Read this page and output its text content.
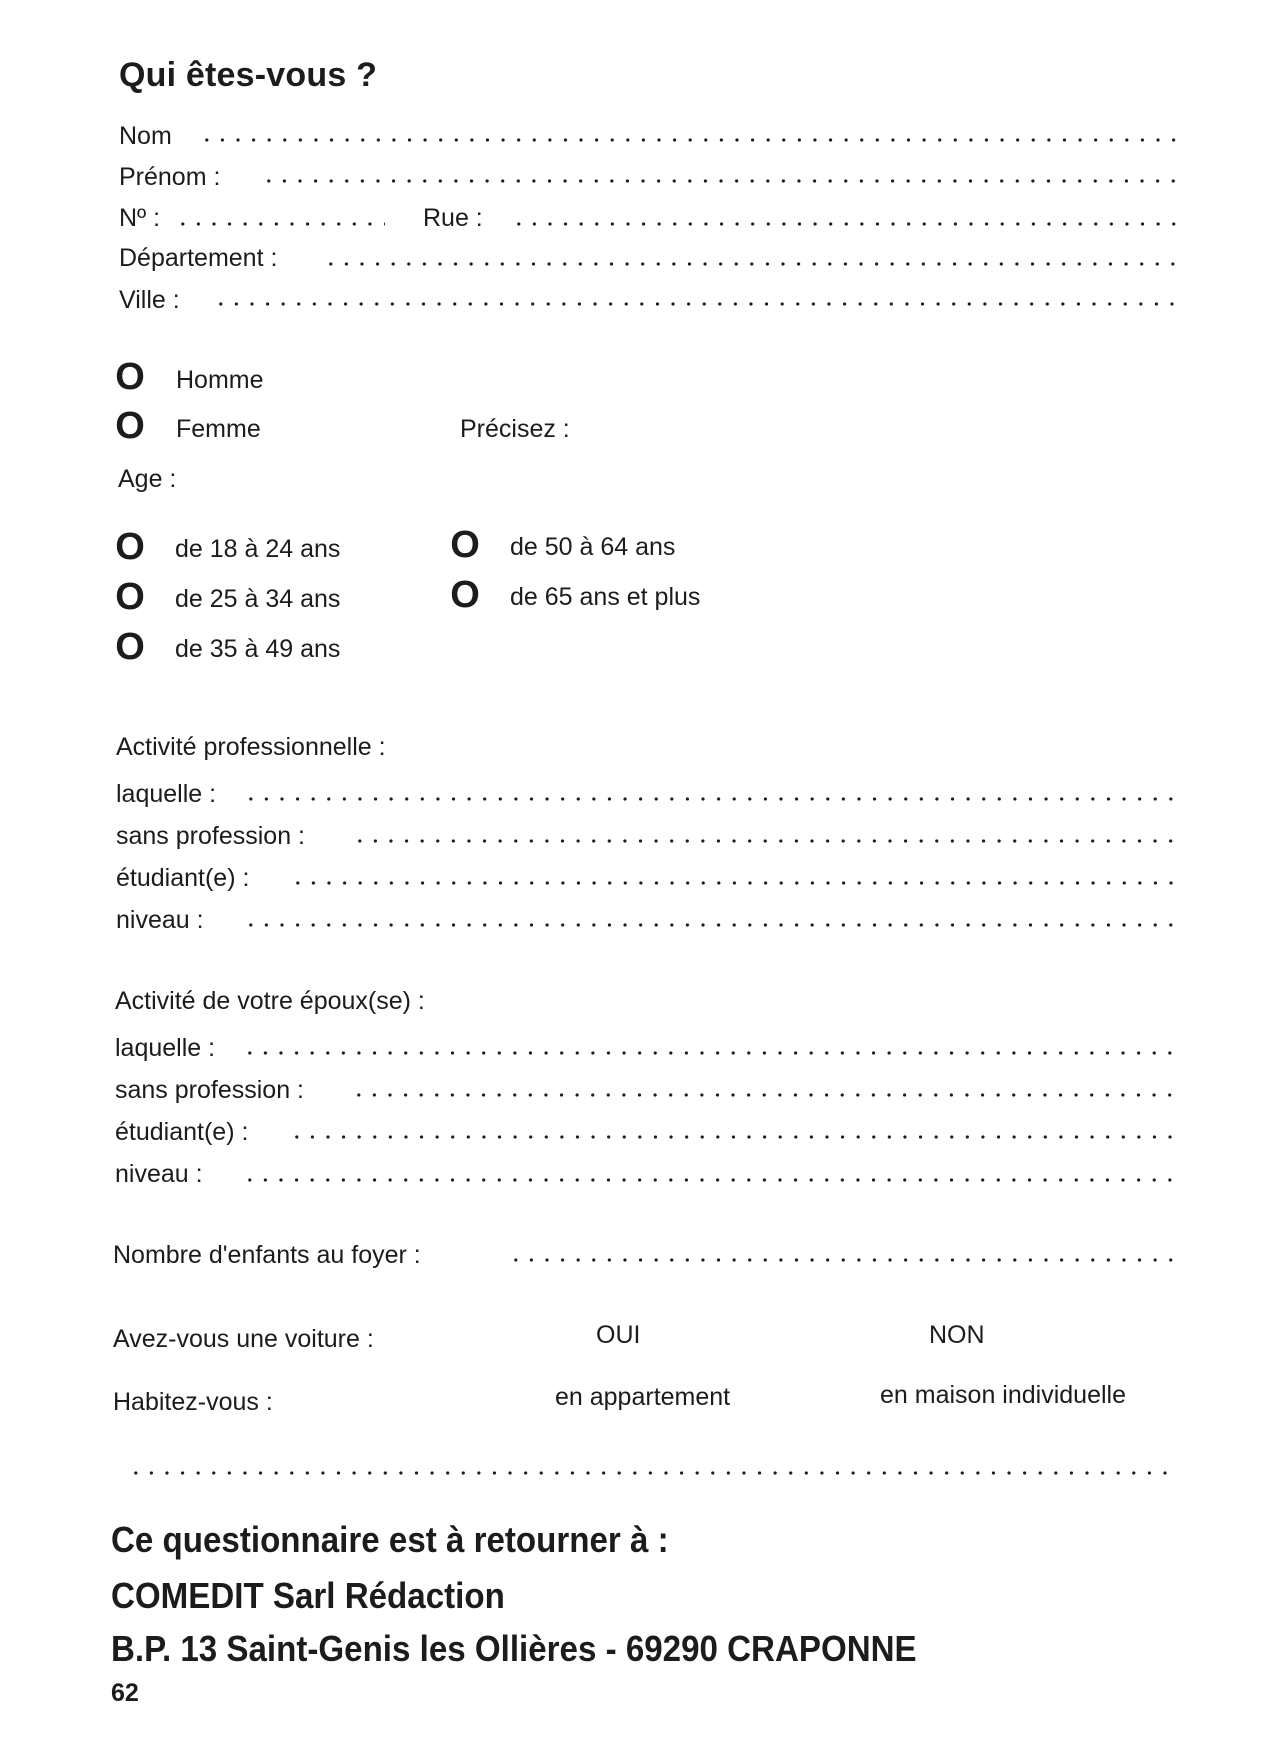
Qui êtes-vous ?
Nom
Prénom :
Nº :	Rue :
Département :
Ville :
O Homme
O Femme	Précisez :
Age :
O de 18 à 24 ans
O de 25 à 34 ans
O de 35 à 49 ans
O de 50 à 64 ans
O de 65 ans et plus
Activité professionnelle :
laquelle :
sans profession :
étudiant(e) :
niveau :
Activité de votre époux(se) :
laquelle :
sans profession :
étudiant(e) :
niveau :
Nombre d'enfants au foyer :
Avez-vous une voiture :	OUI	NON
Habitez-vous :	en appartement	en maison individuelle
Ce questionnaire est à retourner à :
COMEDIT Sarl Rédaction
B.P. 13 Saint-Genis les Ollières - 69290 CRAPONNE
62
